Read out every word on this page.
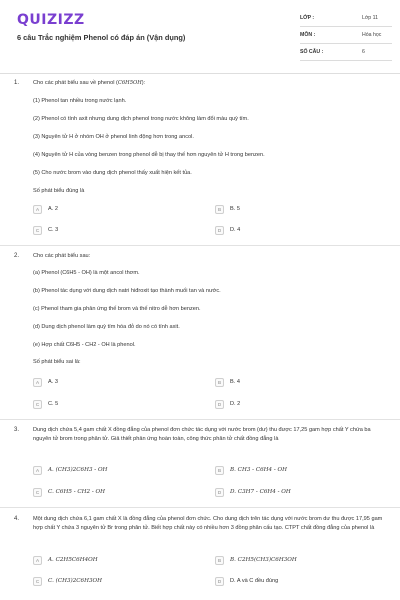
QUIZIZZ
6 câu Trắc nghiệm Phenol có đáp án (Vận dụng)
LỚP :	Lớp 11
MÔN :	Hóa học
SỐ CÂU :	6
1. Cho các phát biểu sau về phenol (C6H5OH):
(1) Phenol tan nhiều trong nước lạnh.
(2) Phenol có tính axit nhưng dung dịch phenol trong nước không làm đổi màu quỳ tím.
(3) Nguyên tử H ở nhóm OH ở phenol linh động hơn trong ancol.
(4) Nguyên tử H của vòng benzen trong phenol dễ bị thay thế hơn nguyên tử H trong benzen.
(5) Cho nước brom vào dung dịch phenol thấy xuất hiện kết tủa.
Số phát biểu đúng là
A	A. 2	B	B. 5
C	C. 3	D	D. 4
2. Cho các phát biểu sau:
(a) Phenol (C6H5 - OH) là một ancol thơm.
(b) Phenol tác dụng với dung dịch natri hiđroxit tạo thành muối tan và nước.
(c) Phenol tham gia phản ứng thế brom và thế nitro dễ hơn benzen.
(d) Dung dịch phenol làm quỳ tím hóa đỏ do nó có tính axit.
(e) Hợp chất C6H5 - CH2 - OH là phenol.
Số phát biểu sai là:
A	A. 3	B	B. 4
C	C. 5	D	D. 2
3. Dung dịch chứa 5,4 gam chất X đồng đẳng của phenol đơn chức tác dụng với nước brom (dư) thu được 17,25 gam hợp chất Y chứa ba nguyên tử brom trong phân tử. Giả thiết phản ứng hoàn toàn, công thức phân tử chất đồng đẳng là
A	A. (CH3)2C6H3 - OH	B	B. CH3 - C6H4 - OH
C	C. C6H5 - CH2 - OH	D	D. C3H7 - C6H4 - OH
4. Một dung dịch chứa 6,1 gam chất X là đồng đẳng của phenol đơn chức. Cho dung dịch trên tác dụng với nước brom dư thu được 17,95 gam hợp chất Y chứa 3 nguyên tử Br trong phân tử. Biết hợp chất này có nhiều hơn 3 đồng phân cấu tạo. CTPT chất đồng đẳng của phenol là
A	A. C2H5C6H4OH	B	B. C2H5(CH3)C6H3OH
C	C. (CH3)2C6H3OH	D	D. A và C đều đúng
